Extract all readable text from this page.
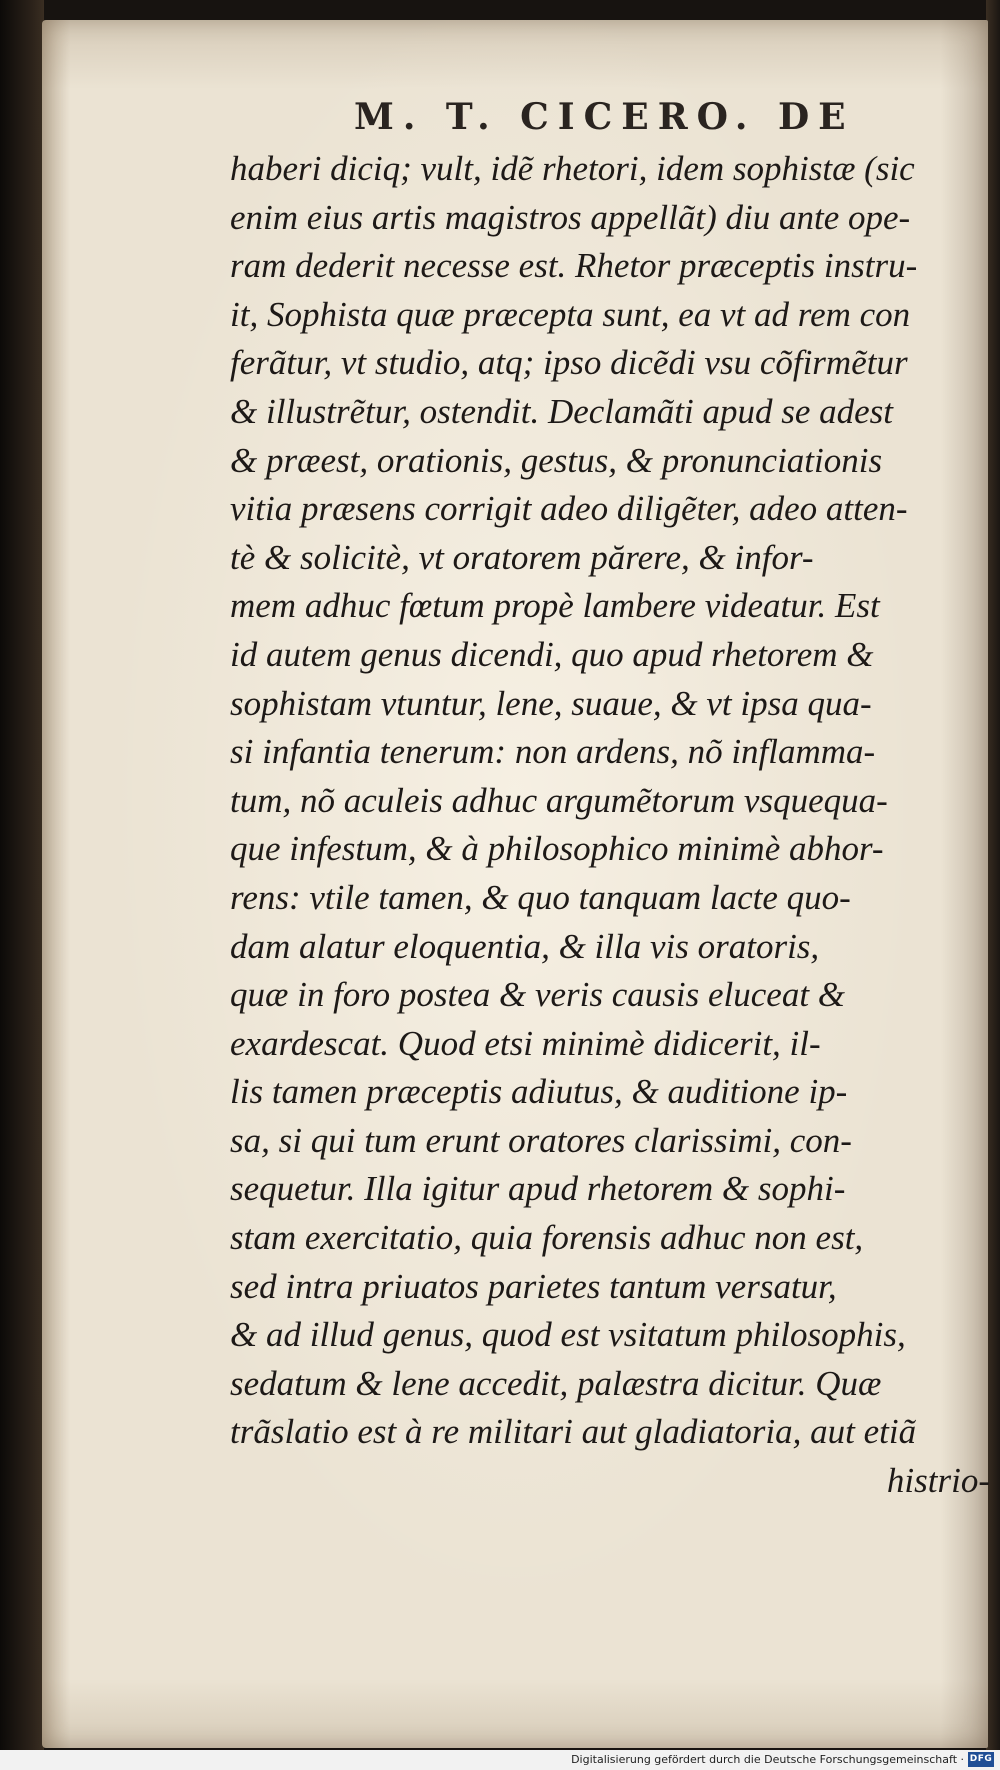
M. T. CICERO. DE
haberi diciq; vult, idẽ rhetori, idem sophistæ (sic
enim eius artis magistros appellãt) diu ante ope-
ram dederit necesse est. Rhetor præceptis instru-
it, Sophista quæ præcepta sunt, ea vt ad rem con
ferãtur, vt studio, atq; ipso dicẽdi vsu cõfirmẽtur
& illustrẽtur, ostendit. Declamãti apud se adest
& præest, orationis, gestus, & pronunciationis
vitia præsens corrigit adeo diligẽter, adeo atten-
tè & solicitè, vt oratorem părere, & infor-
mem adhuc fœtum propè lambere videatur. Est
id autem genus dicendi, quo apud rhetorem &
sophistam vtuntur, lene, suaue, & vt ipsa qua-
si infantia tenerum: non ardens, nõ inflamma-
tum, nõ aculeis adhuc argumẽtorum vsquequa-
que infestum, & à philosophico minimè abhor-
rens: vtile tamen, & quo tanquam lacte quo-
dam alatur eloquentia, & illa vis oratoris,
quæ in foro postea & veris causis eluceat &
exardescat. Quod etsi minimè didicerit, il-
lis tamen præceptis adiutus, & auditione ip-
sa, si qui tum erunt oratores clarissimi, con-
sequetur. Illa igitur apud rhetorem & sophi-
stam exercitatio, quia forensis adhuc non est,
sed intra priuatos parietes tantum versatur,
& ad illud genus, quod est vsitatum philosophis,
sedatum & lene accedit, palæstra dicitur. Quæ
trãslatio est à re militari aut gladiatoria, aut etiã
histrio-
Digitalisierung gefördert durch die Deutsche Forschungsgemeinschaft · DFG
